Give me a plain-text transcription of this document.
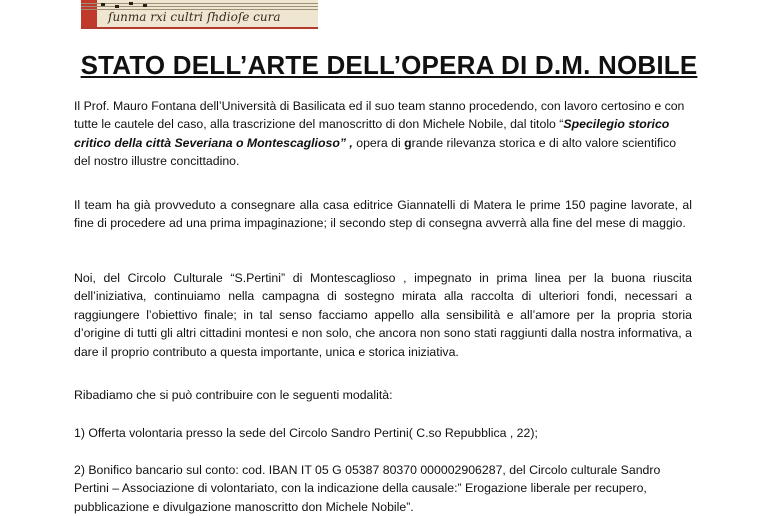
ſunma rxi cultri ſhdioſe cura
STATO DELL’ARTE DELL’OPERA DI D.M. NOBILE

Il Prof. Mauro Fontana dell’Università di Basilicata ed il suo team stanno procedendo, con lavoro certosino e con tutte le cautele del caso, alla trascrizione del manoscritto di don Michele Nobile, dal titolo “Specilegio storico critico della città Severiana o Montescaglioso” , opera di grande rilevanza storica e di alto valore scientifico del nostro illustre concittadino.

Il team ha già provveduto a consegnare alla casa editrice Giannatelli di Matera le prime 150 pagine lavorate, al fine di procedere ad una prima impaginazione; il secondo step di consegna avverrà alla fine del mese di maggio.

Noi, del Circolo Culturale “S.Pertini” di Montescaglioso , impegnato in prima linea per la buona riuscita dell’iniziativa, continuiamo nella campagna di sostegno mirata alla raccolta di ulteriori fondi, necessari a raggiungere l’obiettivo finale; in tal senso facciamo appello alla sensibilità e all’amore per la propria storia d’origine di tutti gli altri cittadini montesi e non solo, che ancora non sono stati raggiunti dalla nostra informativa, a dare il proprio contributo a questa importante, unica e storica iniziativa.

Ribadiamo che si può contribuire con le seguenti modalità:

1) Offerta volontaria presso la sede del Circolo Sandro Pertini( C.so Repubblica , 22);

2) Bonifico bancario sul conto: cod. IBAN IT 05 G 05387 80370 000002906287, del Circolo culturale Sandro Pertini – Associazione di volontariato, con la indicazione della causale:” Erogazione liberale per recupero, pubblicazione e divulgazione manoscritto don Michele Nobile”.
